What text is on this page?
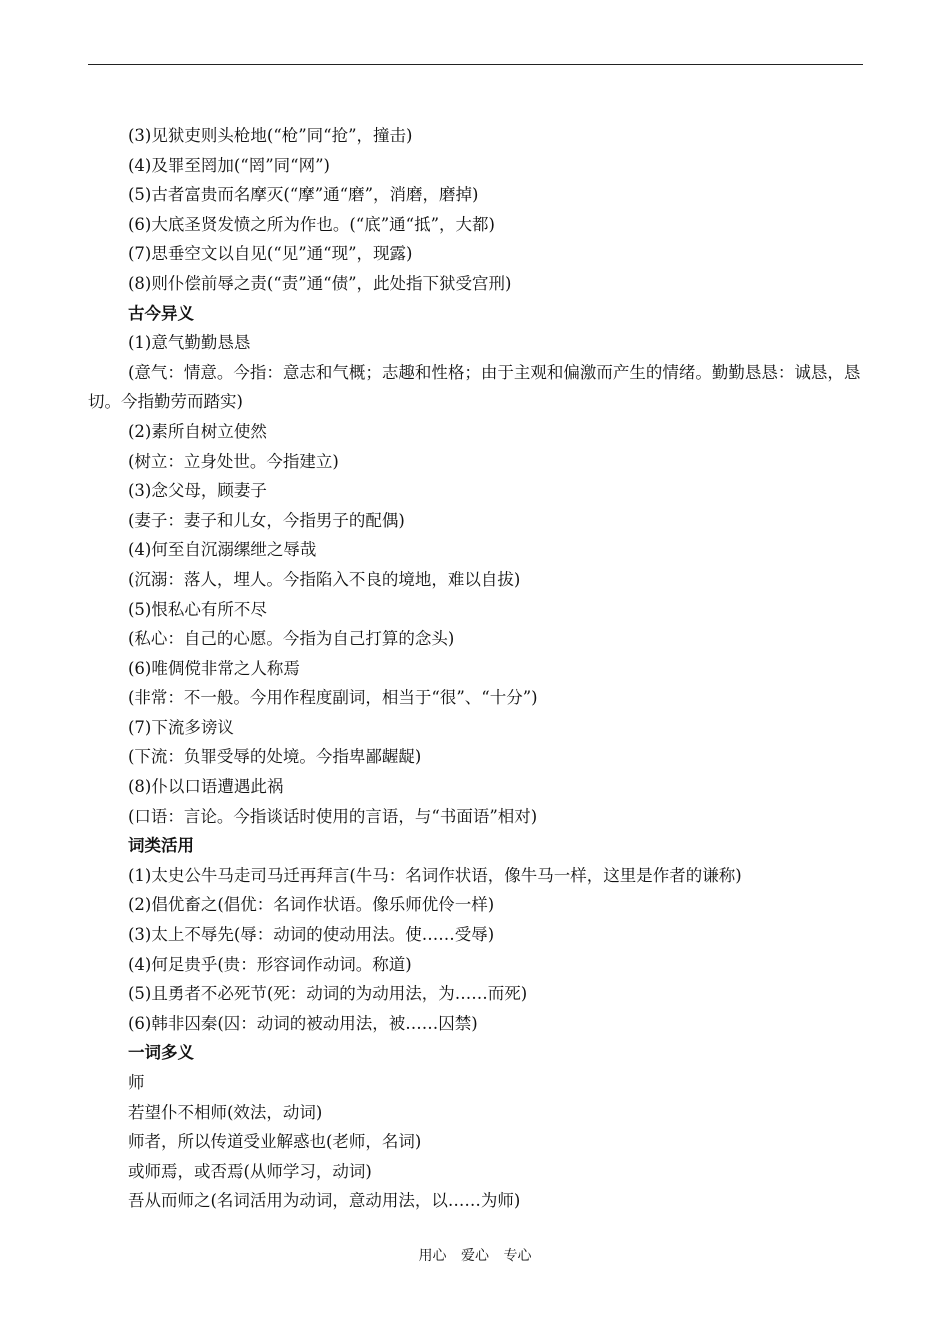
(3)见狱吏则头枪地(“枪”同“抢”，撞击)
(4)及罪至罔加(“罔”同“网”)
(5)古者富贵而名摩灭(“摩”通“磨”，消磨，磨掉)
(6)大底圣贤发愤之所为作也。(“底”通“抵”，大都)
(7)思垂空文以自见(“见”通“现”，现露)
(8)则仆偿前辱之责(“责”通“债”，此处指下狱受宫刑)
古今异义
(1)意气勤勤恳恳
(意气：情意。今指：意志和气概；志趣和性格；由于主观和偏激而产生的情绪。勤勤恳恳：诚恳，恳切。今指勤劳而踏实)
(2)素所自树立使然
(树立：立身处世。今指建立)
(3)念父母，顾妻子
(妻子：妻子和儿女，今指男子的配偶)
(4)何至自沉溺缧绁之辱哉
(沉溺：落人，埋人。今指陷入不良的境地，难以自拔)
(5)恨私心有所不尽
(私心：自己的心愿。今指为自己打算的念头)
(6)唯倜傥非常之人称焉
(非常：不一般。今用作程度副词，相当于“很”、“十分”)
(7)下流多谤议
(下流：负罪受辱的处境。今指卑鄙龌龊)
(8)仆以口语遭遇此祸
(口语：言论。今指谈话时使用的言语，与“书面语”相对)
词类活用
(1)太史公牛马走司马迁再拜言(牛马：名词作状语，像牛马一样，这里是作者的谦称)
(2)倡优畜之(倡优：名词作状语。像乐师优伶一样)
(3)太上不辱先(辱：动词的使动用法。使……受辱)
(4)何足贵乎(贵：形容词作动词。称道)
(5)且勇者不必死节(死：动词的为动用法，为……而死)
(6)韩非囚秦(囚：动词的被动用法，被……囚禁)
一词多义
师
若望仆不相师(效法，动词)
师者，所以传道受业解惑也(老师，名词)
或师焉，或否焉(从师学习，动词)
吾从而师之(名词活用为动词，意动用法，以……为师)
用心 爱心 专心
